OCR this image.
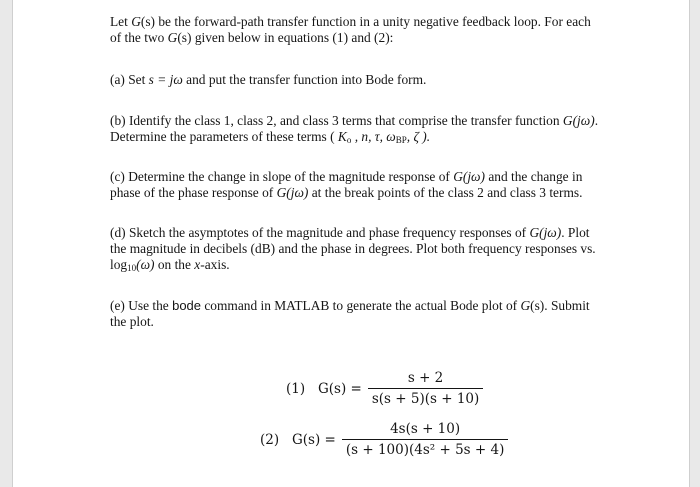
Let G(s) be the forward-path transfer function in a unity negative feedback loop. For each
of the two G(s) given below in equations (1) and (2):
(a) Set s = jω and put the transfer function into Bode form.
(b) Identify the class 1, class 2, and class 3 terms that comprise the transfer function G(jω).
Determine the parameters of these terms ( $K_o$ , n, τ, $\omega_{BP}$, ζ ).
(c) Determine the change in slope of the magnitude response of G(jω) and the change in
phase of the phase response of G(jω) at the break points of the class 2 and class 3 terms.
(d) Sketch the asymptotes of the magnitude and phase frequency responses of G(jω). Plot
the magnitude in decibels (dB) and the phase in degrees. Plot both frequency responses vs.
$\log_{10}(\omega)$ on the x-axis.
(e) Use the bode command in MATLAB to generate the actual Bode plot of G(s). Submit
the plot.
(1) $G(s) = \frac{s + 2}{s(s + 5)(s + 10)}$
(2) $G(s) = \frac{4s(s + 10)}{\text{(s + 100)(4s² + 5s + 4)}}$
